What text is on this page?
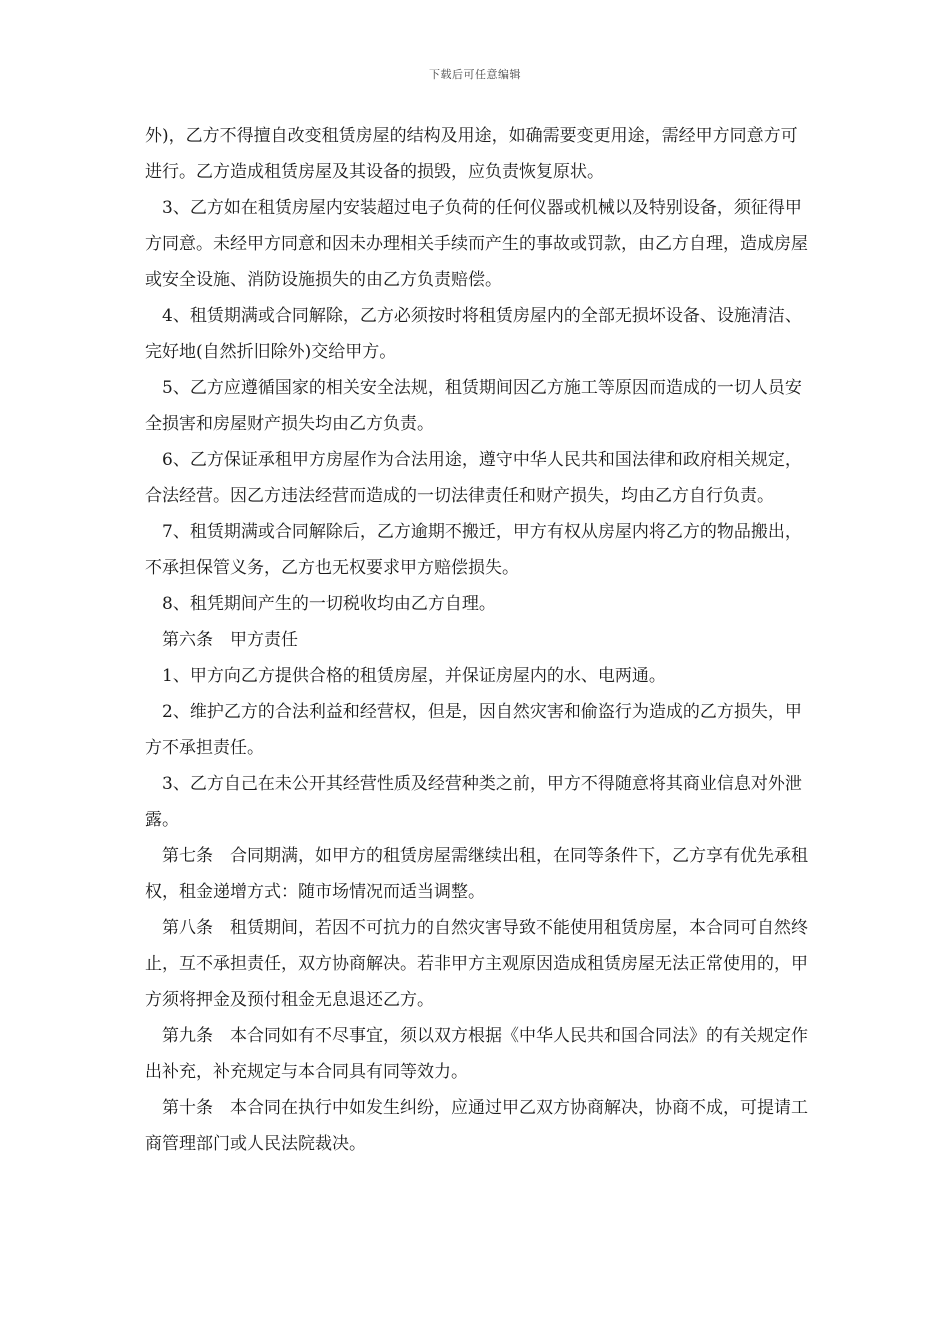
下载后可任意编辑

外)，乙方不得擅自改变租赁房屋的结构及用途，如确需要变更用途，需经甲方同意方可进行。乙方造成租赁房屋及其设备的损毁，应负责恢复原状。

3、乙方如在租赁房屋内安装超过电子负荷的任何仪器或机械以及特别设备，须征得甲方同意。未经甲方同意和因未办理相关手续而产生的事故或罚款，由乙方自理，造成房屋或安全设施、消防设施损失的由乙方负责赔偿。

4、租赁期满或合同解除，乙方必须按时将租赁房屋内的全部无损坏设备、设施清洁、完好地(自然折旧除外)交给甲方。

5、乙方应遵循国家的相关安全法规，租赁期间因乙方施工等原因而造成的一切人员安全损害和房屋财产损失均由乙方负责。

6、乙方保证承租甲方房屋作为合法用途，遵守中华人民共和国法律和政府相关规定，合法经营。因乙方违法经营而造成的一切法律责任和财产损失，均由乙方自行负责。

7、租赁期满或合同解除后，乙方逾期不搬迁，甲方有权从房屋内将乙方的物品搬出，不承担保管义务，乙方也无权要求甲方赔偿损失。

8、租凭期间产生的一切税收均由乙方自理。

第六条　甲方责任

1、甲方向乙方提供合格的租赁房屋，并保证房屋内的水、电两通。

2、维护乙方的合法利益和经营权，但是，因自然灾害和偷盗行为造成的乙方损失，甲方不承担责任。

3、乙方自己在未公开其经营性质及经营种类之前，甲方不得随意将其商业信息对外泄露。

第七条　合同期满，如甲方的租赁房屋需继续出租，在同等条件下，乙方享有优先承租权，租金递增方式：随市场情况而适当调整。

第八条　租赁期间，若因不可抗力的自然灾害导致不能使用租赁房屋，本合同可自然终止，互不承担责任，双方协商解决。若非甲方主观原因造成租赁房屋无法正常使用的，甲方须将押金及预付租金无息退还乙方。

第九条　本合同如有不尽事宜，须以双方根据《中华人民共和国合同法》的有关规定作出补充，补充规定与本合同具有同等效力。

第十条　本合同在执行中如发生纠纷，应通过甲乙双方协商解决，协商不成，可提请工商管理部门或人民法院裁决。
